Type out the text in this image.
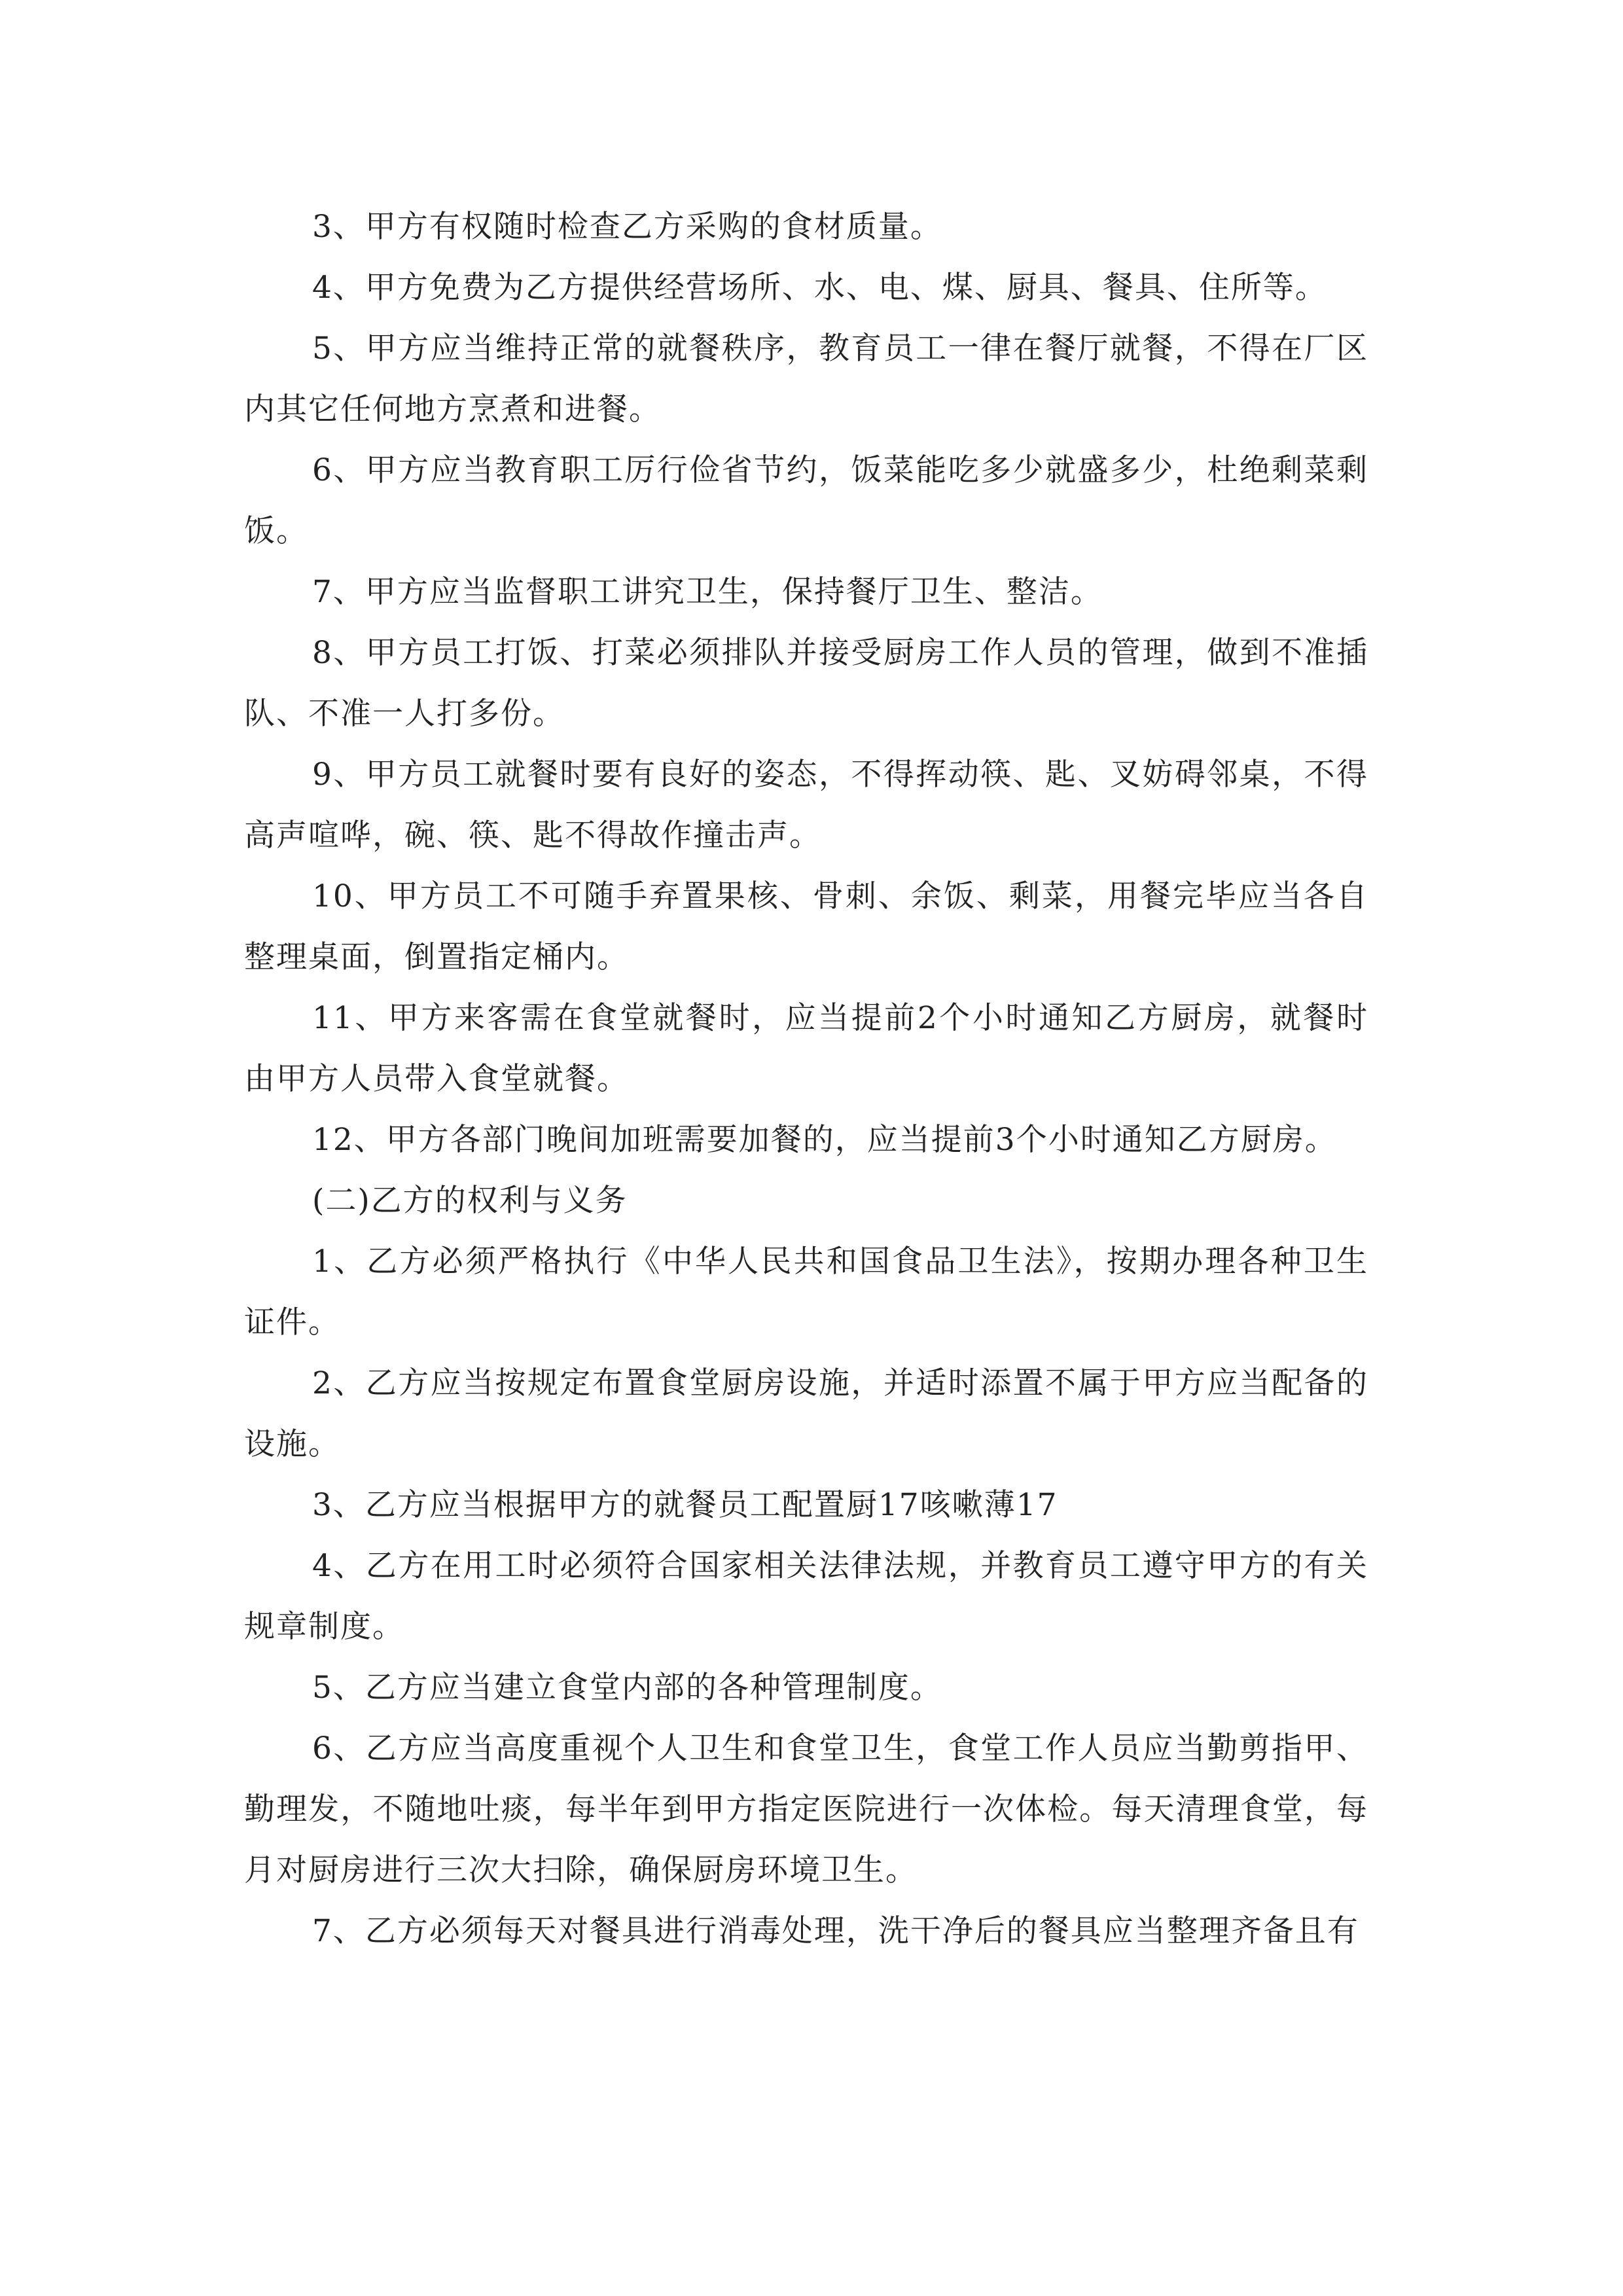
3、甲方有权随时检查乙方采购的食材质量。

4、甲方免费为乙方提供经营场所、水、电、煤、厨具、餐具、住所等。

5、甲方应当维持正常的就餐秩序，教育员工一律在餐厅就餐，不得在厂区内其它任何地方烹煮和进餐。

6、甲方应当教育职工厉行俭省节约，饭菜能吃多少就盛多少，杜绝剩菜剩饭。

7、甲方应当监督职工讲究卫生，保持餐厅卫生、整洁。

8、甲方员工打饭、打菜必须排队并接受厨房工作人员的管理，做到不准插队、不准一人打多份。

9、甲方员工就餐时要有良好的姿态，不得挥动筷、匙、叉妨碍邻桌，不得高声喧哗，碗、筷、匙不得故作撞击声。

10、甲方员工不可随手弃置果核、骨刺、余饭、剩菜，用餐完毕应当各自整理桌面，倒置指定桶内。

11、甲方来客需在食堂就餐时，应当提前2个小时通知乙方厨房，就餐时由甲方人员带入食堂就餐。

12、甲方各部门晚间加班需要加餐的，应当提前3个小时通知乙方厨房。

(二)乙方的权利与义务

1、乙方必须严格执行《中华人民共和国食品卫生法》，按期办理各种卫生证件。

2、乙方应当按规定布置食堂厨房设施，并适时添置不属于甲方应当配备的设施。

3、乙方应当根据甲方的就餐员工配置厨17咳嗽薄17

4、乙方在用工时必须符合国家相关法律法规，并教育员工遵守甲方的有关规章制度。

5、乙方应当建立食堂内部的各种管理制度。

6、乙方应当高度重视个人卫生和食堂卫生，食堂工作人员应当勤剪指甲、勤理发，不随地吐痰，每半年到甲方指定医院进行一次体检。每天清理食堂，每月对厨房进行三次大扫除，确保厨房环境卫生。

7、乙方必须每天对餐具进行消毒处理，洗干净后的餐具应当整理齐备且有
